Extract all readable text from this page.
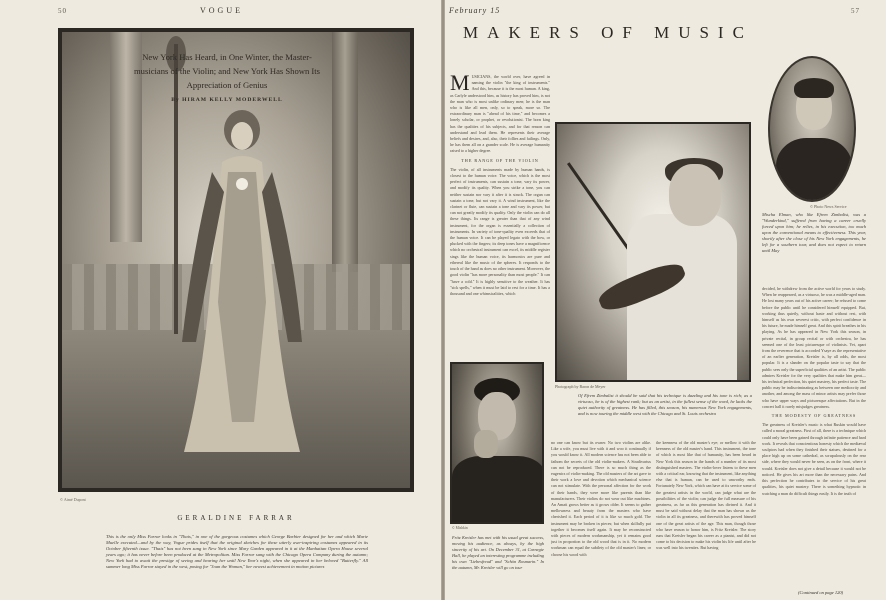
50	VOGUE
© Aimé Dupont
GERALDINE FARRAR
This is the only Miss Farrar looks in "Thais," in one of the gorgeous costumes which George Barbier designed for her and which Marie Muelle executed—and by the way, Vogue prides itself that the original sketches for these utterly awe-inspiring costumes appeared in its October fifteenth issue. "Thais" has not been sung in New York since Mary Garden appeared in it at the Manhattan Opera House several years ago; it has never before been produced at the Metropolitan. Miss Farrar sang with the Chicago Opera Company during the autumn; New York had to await the prestige of seeing and hearing her until New Year's night, when she appeared in her beloved "Butterfly." All summer long Miss Farrar stayed in the west, posing for "Joan the Woman," her newest achievement in motion pictures
February 15	57
MAKERS OF MUSIC
New York Has Heard, in One Winter, the Master-musicians of the Violin; and New York Has Shown Its Appreciation of Genius
By HIRAM KELLY MODERWELL
M USICIANS, the world over, have agreed in naming the violin "the king of instruments." And this, because it is the most human. A king, as Carlyle understood him, as history has proved him, is not the man who is most unlike ordinary men; he is the man who is like all men, only, so to speak, more so. The extraordinary man is "ahead of his time," and becomes a lonely scholar, or prophet, or revolutionist. The born king has the qualities of his subjects, and for that reason can understand and lead them. He represents their average beliefs and desires, and, also, their follies and failings. Only, he has them all on a grander scale. He is average humanity raised to a higher degree.
THE RANGE OF THE VIOLIN
The violin, of all instruments made by human hands, is closest to the human voice. The voice, which is the most perfect of instruments, can sustain a tone, vary its power, and modify its quality. When you strike a tone, you can neither sustain nor vary it after it is struck. The organ can sustain a tone, but not vary it. A wind instrument, like the clarinet or flute, can sustain a tone and vary its power, but can not greatly modify its quality. Only the violin can do all these things. Its range is greater than that of any wind instrument, for the organ is essentially a collection of instruments. In variety of tone-quality even exceeds that of the human voice. It can be played legato with the bow, or plucked with the fingers; its deep tones have a magnificence which no orchestral instrument can excel, its middle register sings like the human voice, its harmonics are pure and ethereal like the music of the spheres. It responds to the touch of the hand as does no other instrument. Moreover, the good violin "has more personality than most people." It can "have a cold." It is highly sensitive to the weather. It has "sick spells," when it must be laid to rest for a time. It has a thousand and one whimsicalities, which
Photograph by Baron de Meyer
Of Efrem Zimbalist it should be said that his technique is dazzling and his tone is rich; as a virtuoso, he is of the highest rank; but as an artist, in the fullest sense of the word, he lacks the quiet authority of greatness. He has filled, this season, his numerous New York engagements, and is now touring the middle west with the Chicago and St. Louis orchestra
© Photo News Service
Mischa Elman, who like Efrem Zimbalist, was a "Wunderkind," suffered from having a career cruelly forced upon him; he relies, in his execution, too much upon the conventional means to effectiveness. This year, shortly after the close of his New York engagements, he left for a southern tour, and does not expect to return until May
© Mishkin
Fritz Kreisler has met with his usual great success, moving his audience, as always, by the high sincerity of his art. On December 31, at Carnegie Hall, he played an interesting programme including his own "Liebesfreud" and "Schön Rosmarin." In the autumn, Mr. Kreisler will go on tour
no one can know but its owner. No two violins are alike. Like a wife, you must live with it and woo it continually if you would know it. All modern science has not been able to fathom the secrets of the old violin-makers. A Stradivarius can not be reproduced. There is so much thing as the eugenics of violin-making. The old masters of the art gave to their work a love and devotion which mechanical science can not stimulate. With the personal affection for the work of their hands, they were more like parents than like manufacturers. Their violins do not wear out like machines. An Amati grows better as it grows older. It seems to gather mellowness and beauty from the masters who have cherished it. Each period of it is like so much gold. The instrument may be broken in pieces; but when skilfully put together it becomes itself again. It may be reconstructed with pieces of modern workmanship, yet it remains good just in proportion to the old wood that is in it. No modern workman can equal the subtlety of the old master's lines; or choose his wood with
the keenness of the old master's eye; or mellow it with the keenness of the old master's hand. This instrument, the tone of which is most like that of humanity, has been heard in New York this season in the hands of a number of its most distinguished masters. The violin-lover listens to these men with a critical ear, knowing that the instrument, like anything else that is human, can be used to unworthy ends. Fortunately New York, which can have at its service some of the greatest artists in the world, can judge what are the possibilities of the violin; can judge the full measure of his greatness, as far as this generation has divined it. And it must be said without delay that the man has shown us the violin in all its greatness, and therewith has proved himself one of the great artists of the age. This man, though those who have reason to honor him, is Fritz Kreisler. The story runs that Kreisler began his career as a pianist, and did not come to his decision to make his violin his life until after he was well into his twenties. But having
decided, he withdrew from the active world for years to study. When he reappeared, as a virtuoso, he was a middle-aged man. He lost many years out of his active career; he refused to come before the public until he considered himself equipped. But, working thus quietly, without haste and without rest, with himself as his own severest critic, with perfect confidence in his future, he made himself great. And this spirit breathes in his playing. As he has appeared in New York this season, in private recital, in group recital or with orchestra, he has seemed one of the least picturesque of violinists. Yet, apart from the reverence that is accorded Ysaye as the representative of an earlier generation, Kreisler is, by all odds, the most popular. It is a slander on the popular taste to say that the public sees only the superficial qualities of an artist. The public admires Kreisler for the very qualities that make him great—his technical perfection, his quiet mastery, his perfect taste. The public may be indiscriminating as between one mediocrity and another, and among the mass of minor artists may prefer those who have upper ways and picturesque affectations. But in the concert hall it rarely misjudges greatness.
THE MODESTY OF GREATNESS
The greatness of Kreisler's music is what Ruskin would have called a moral greatness. First of all, there is a technique which could only have been gained through infinite patience and hard work. It reveals that conscientious honesty which the mediæval sculptors had when they finished their statues, destined for a place high up on some cathedral, as scrupulously on the rear side, where they would never be seen, as on the front, where it would. Kreisler does not give a detail because it would not be noticed. He gives his art more than the necessary pains. And this perfection he contributes to the service of his great qualities, his quiet mastery. There is something hypnotic in watching a man do difficult things easily. It is the truth of
(Continued on page 120)
